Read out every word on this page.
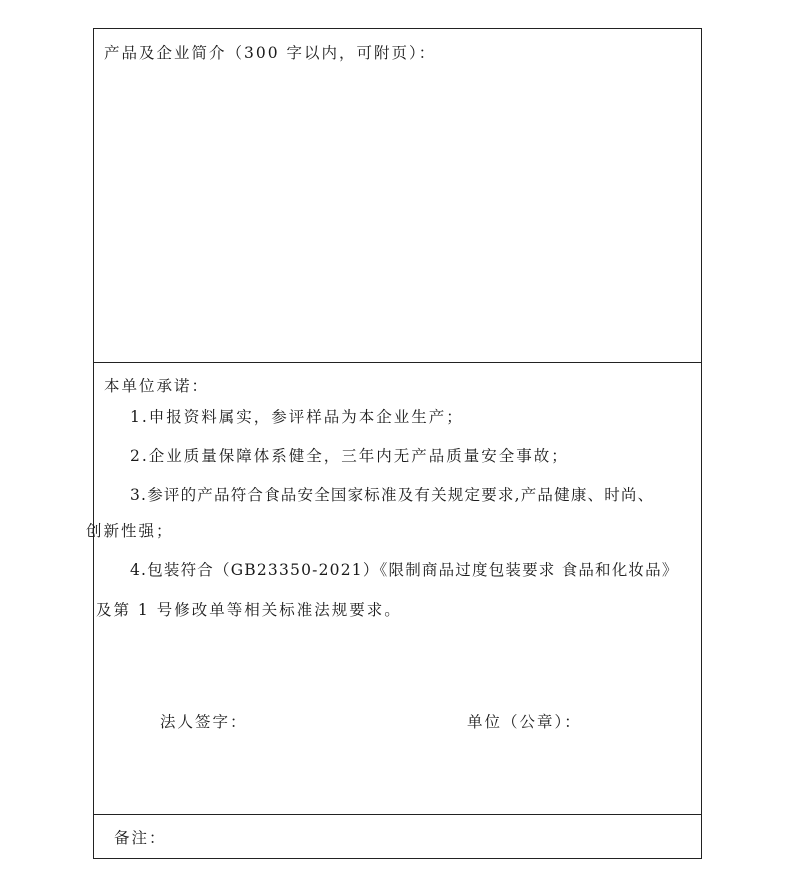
产品及企业简介（300 字以内，可附页）：
本单位承诺：
1.申报资料属实，参评样品为本企业生产；
2.企业质量保障体系健全，三年内无产品质量安全事故；
3.参评的产品符合食品安全国家标准及有关规定要求,产品健康、时尚、
创新性强；
4.包装符合（GB23350-2021）《限制商品过度包装要求 食品和化妆品》
及第 1 号修改单等相关标准法规要求。
法人签字：	单位（公章）：
备注：
